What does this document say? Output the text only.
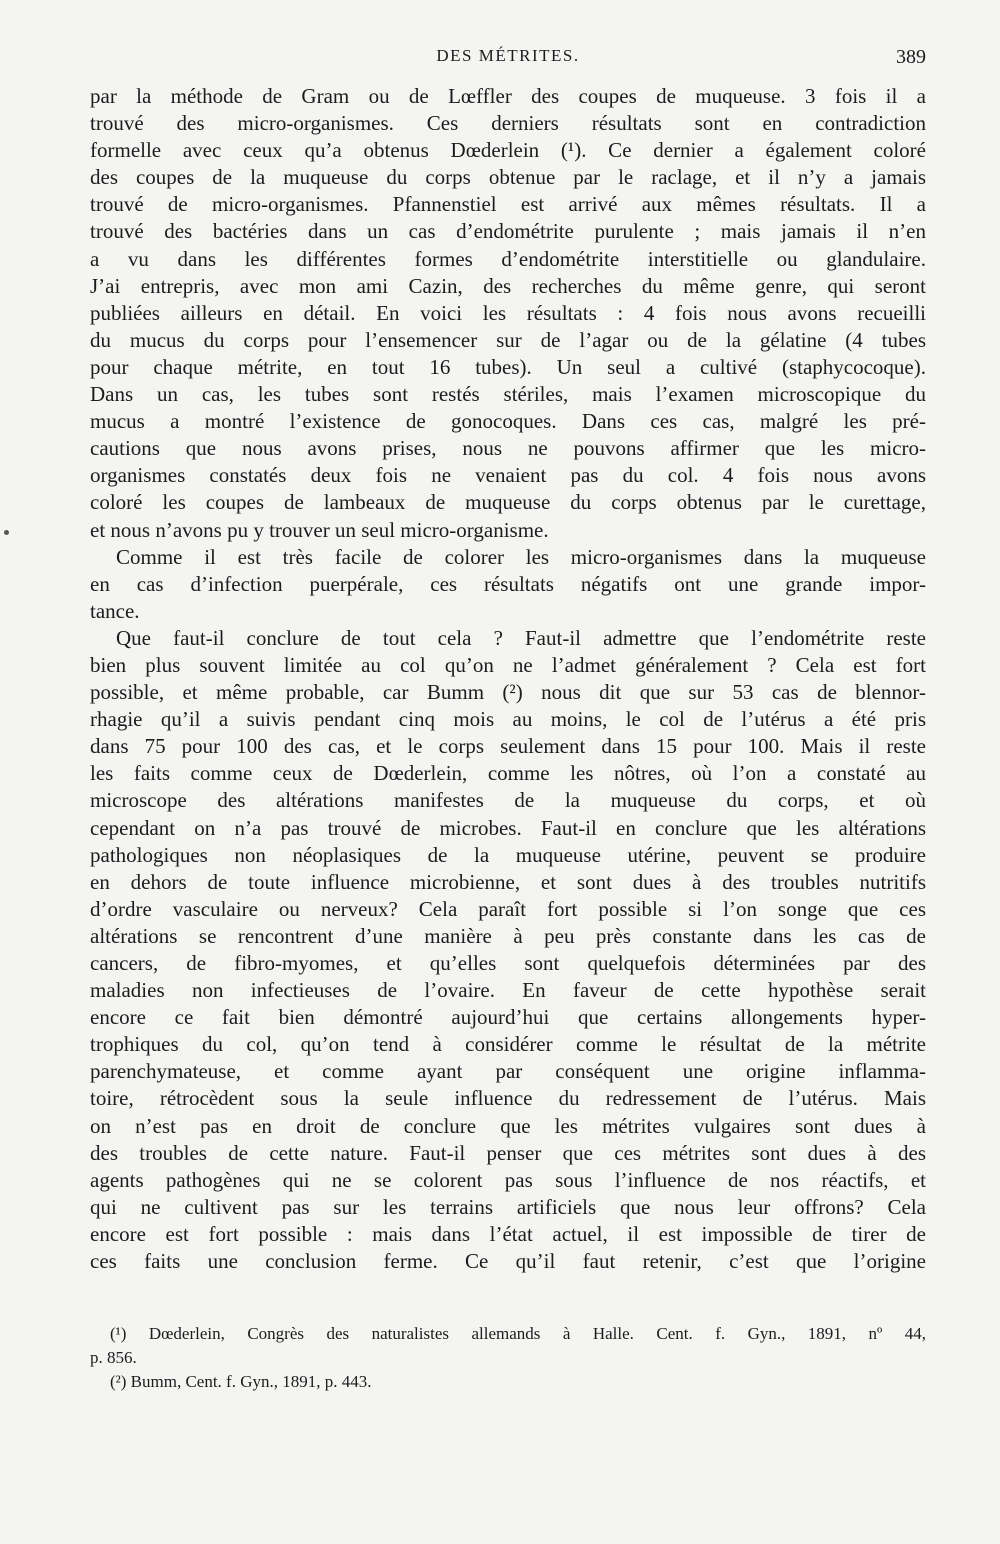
DES MÉTRITES.	389
par la méthode de Gram ou de Lœffler des coupes de muqueuse. 3 fois il a
trouvé des micro-organismes. Ces derniers résultats sont en contradiction
formelle avec ceux qu’a obtenus Dœderlein (¹). Ce dernier a également coloré
des coupes de la muqueuse du corps obtenue par le raclage, et il n’y a jamais
trouvé de micro-organismes. Pfannenstiel est arrivé aux mêmes résultats. Il a
trouvé des bactéries dans un cas d’endométrite purulente ; mais jamais il n’en
a vu dans les différentes formes d’endométrite interstitielle ou glandulaire.
J’ai entrepris, avec mon ami Cazin, des recherches du même genre, qui seront
publiées ailleurs en détail. En voici les résultats : 4 fois nous avons recueilli
du mucus du corps pour l’ensemencer sur de l’agar ou de la gélatine (4 tubes
pour chaque métrite, en tout 16 tubes). Un seul a cultivé (staphycocoque).
Dans un cas, les tubes sont restés stériles, mais l’examen microscopique du
mucus a montré l’existence de gonocoques. Dans ces cas, malgré les pré-
cautions que nous avons prises, nous ne pouvons affirmer que les micro-
organismes constatés deux fois ne venaient pas du col. 4 fois nous avons
coloré les coupes de lambeaux de muqueuse du corps obtenus par le curettage,
et nous n’avons pu y trouver un seul micro-organisme.
Comme il est très facile de colorer les micro-organismes dans la muqueuse
en cas d’infection puerpérale, ces résultats négatifs ont une grande impor-
tance.
Que faut-il conclure de tout cela ? Faut-il admettre que l’endométrite reste
bien plus souvent limitée au col qu’on ne l’admet généralement ? Cela est fort
possible, et même probable, car Bumm (²) nous dit que sur 53 cas de blennor-
rhagie qu’il a suivis pendant cinq mois au moins, le col de l’utérus a été pris
dans 75 pour 100 des cas, et le corps seulement dans 15 pour 100. Mais il reste
les faits comme ceux de Dœderlein, comme les nôtres, où l’on a constaté au
microscope des altérations manifestes de la muqueuse du corps, et où
cependant on n’a pas trouvé de microbes. Faut-il en conclure que les altérations
pathologiques non néoplasiques de la muqueuse utérine, peuvent se produire
en dehors de toute influence microbienne, et sont dues à des troubles nutritifs
d’ordre vasculaire ou nerveux? Cela paraît fort possible si l’on songe que ces
altérations se rencontrent d’une manière à peu près constante dans les cas de
cancers, de fibro-myomes, et qu’elles sont quelquefois déterminées par des
maladies non infectieuses de l’ovaire. En faveur de cette hypothèse serait
encore ce fait bien démontré aujourd’hui que certains allongements hyper-
trophiques du col, qu’on tend à considérer comme le résultat de la métrite
parenchymateuse, et comme ayant par conséquent une origine inflamma-
toire, rétrocèdent sous la seule influence du redressement de l’utérus. Mais
on n’est pas en droit de conclure que les métrites vulgaires sont dues à
des troubles de cette nature. Faut-il penser que ces métrites sont dues à des
agents pathogènes qui ne se colorent pas sous l’influence de nos réactifs, et
qui ne cultivent pas sur les terrains artificiels que nous leur offrons? Cela
encore est fort possible : mais dans l’état actuel, il est impossible de tirer de
ces faits une conclusion ferme. Ce qu’il faut retenir, c’est que l’origine
(¹) Dœderlein, Congrès des naturalistes allemands à Halle. Cent. f. Gyn., 1891, nº 44,
p. 856.
(²) Bumm, Cent. f. Gyn., 1891, p. 443.
